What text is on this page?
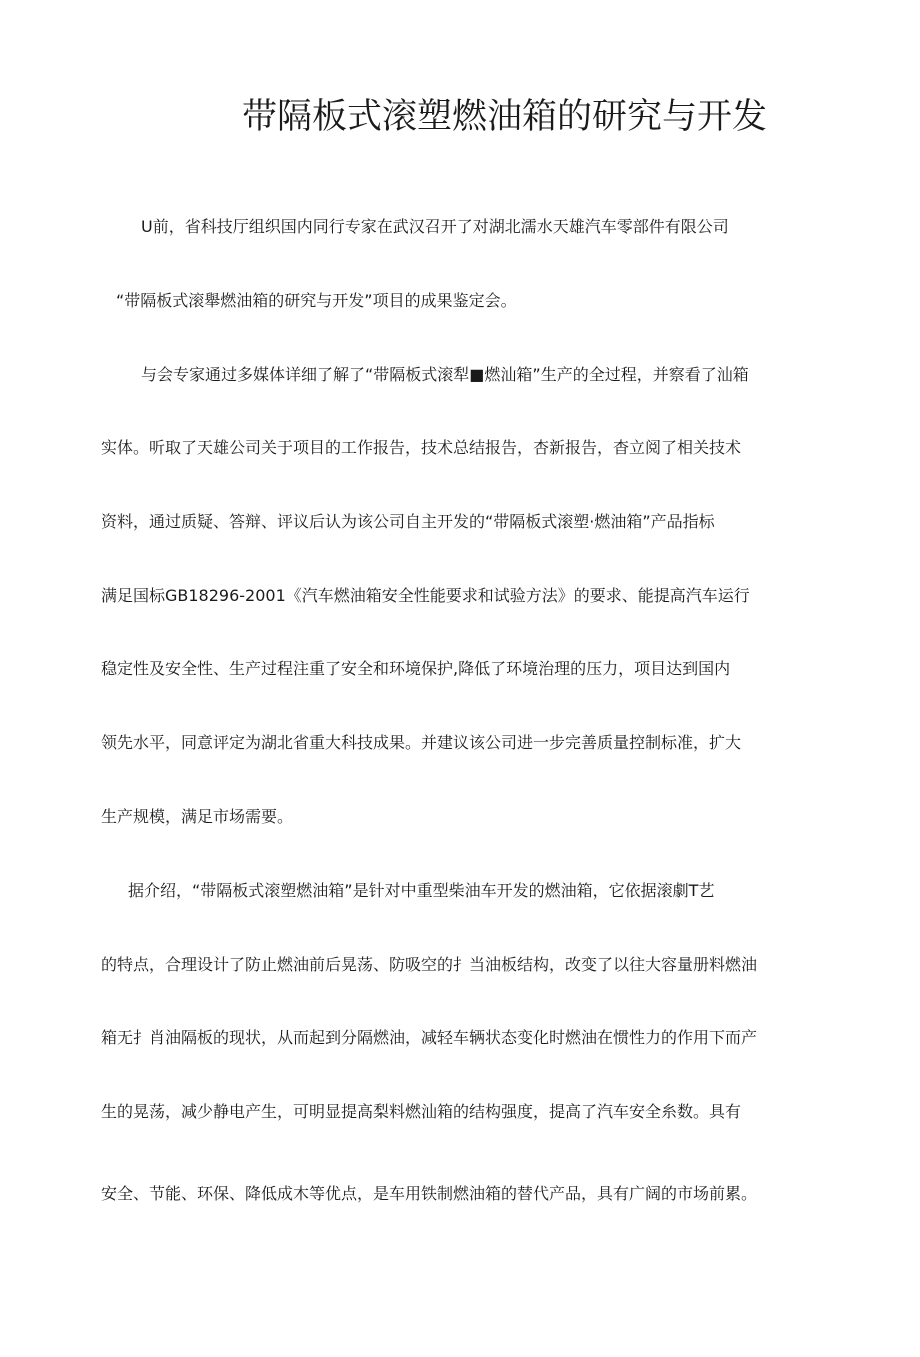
带隔板式滚塑燃油箱的研究与开发
U前，省科技厅组织国内同行专家在武汉召开了对湖北濡水天雄汽车零部件有限公司
“带隔板式滚舉燃油箱的研究与开发”项目的成果鉴定会。
与会专家通过多媒体详细了解了“带隔板式滚犁■燃汕箱”生产的全过程，并察看了汕箱
实体。听取了天雄公司关于项目的工作报告，技术总结报告，杏新报告，杳立阅了相关技术
资料，通过质疑、答辩、评议后认为该公司自主开发的“带隔板式滚塑·燃油箱”产品指标
满足国标GB18296-2001《汽车燃油箱安全性能要求和试验方法》的要求、能提高汽车运行
稳定性及安全性、生产过程注重了安全和环境保护,降低了环境治理的压力，项目达到国内
领先水平，同意评定为湖北省重大科技成果。并建议该公司进一步完善质量控制标准，扩大
生产规模，满足市场需要。
据介绍，“带隔板式滚塑燃油箱”是针对中重型柴油车开发的燃油箱，它依据滚劇T艺
的特点，合理设计了防止燃油前后晃荡、防吸空的扌当油板结构，改变了以往大容量册料燃油
箱无扌肖油隔板的现状，从而起到分隔燃油，减轻车辆状态变化时燃油在惯性力的作用下而产
生的晃荡，减少静电产生，可明显提高梨料燃汕箱的结构强度，提高了汽车安全糸数。具有
安全、节能、环保、降低成木等优点，是车用铁制燃油箱的替代产品，具有广阔的市场前累。
